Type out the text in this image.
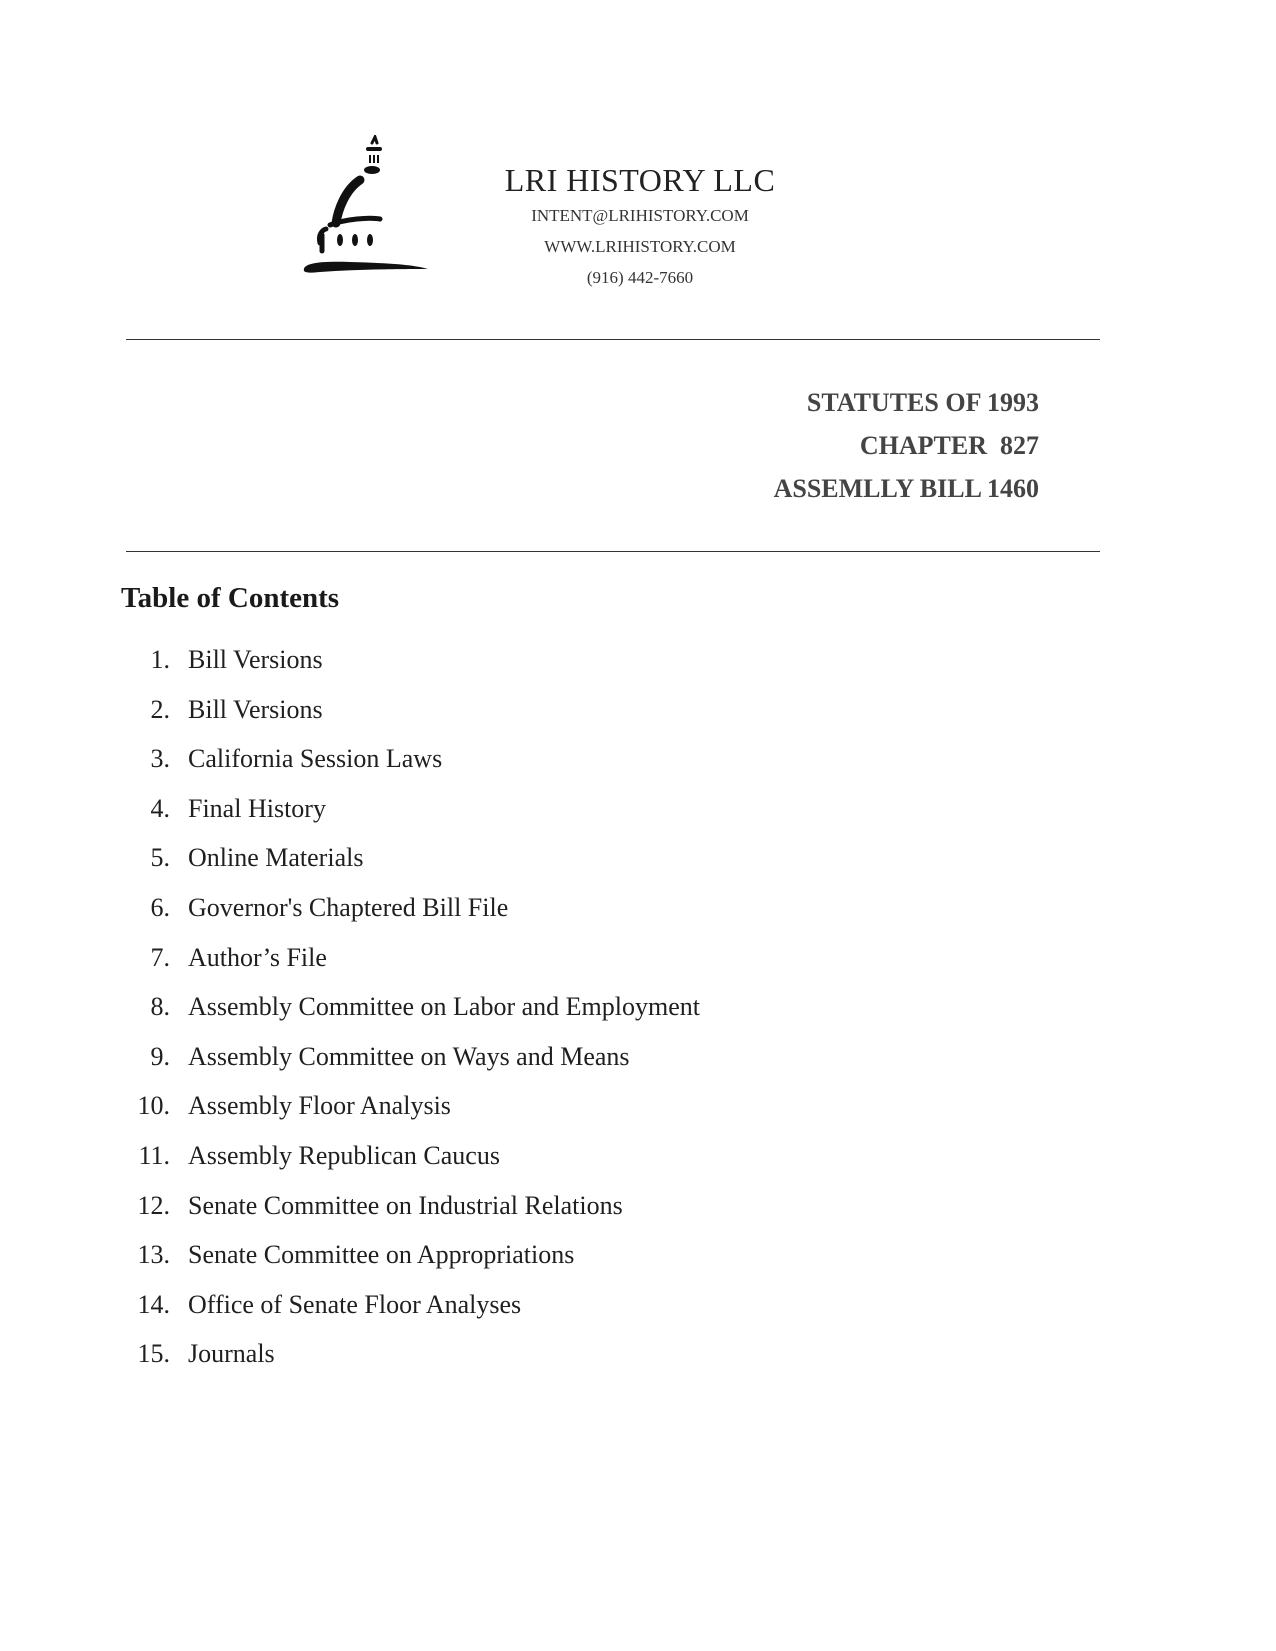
LRI HISTORY LLC
INTENT@LRIHISTORY.COM
WWW.LRIHISTORY.COM
(916) 442-7660
STATUTES OF 1993
CHAPTER  827
ASSEMLLY BILL 1460
Table of Contents
1. Bill Versions
2. Bill Versions
3. California Session Laws
4. Final History
5. Online Materials
6. Governor's Chaptered Bill File
7. Author’s File
8. Assembly Committee on Labor and Employment
9. Assembly Committee on Ways and Means
10. Assembly Floor Analysis
11. Assembly Republican Caucus
12. Senate Committee on Industrial Relations
13. Senate Committee on Appropriations
14. Office of Senate Floor Analyses
15. Journals
